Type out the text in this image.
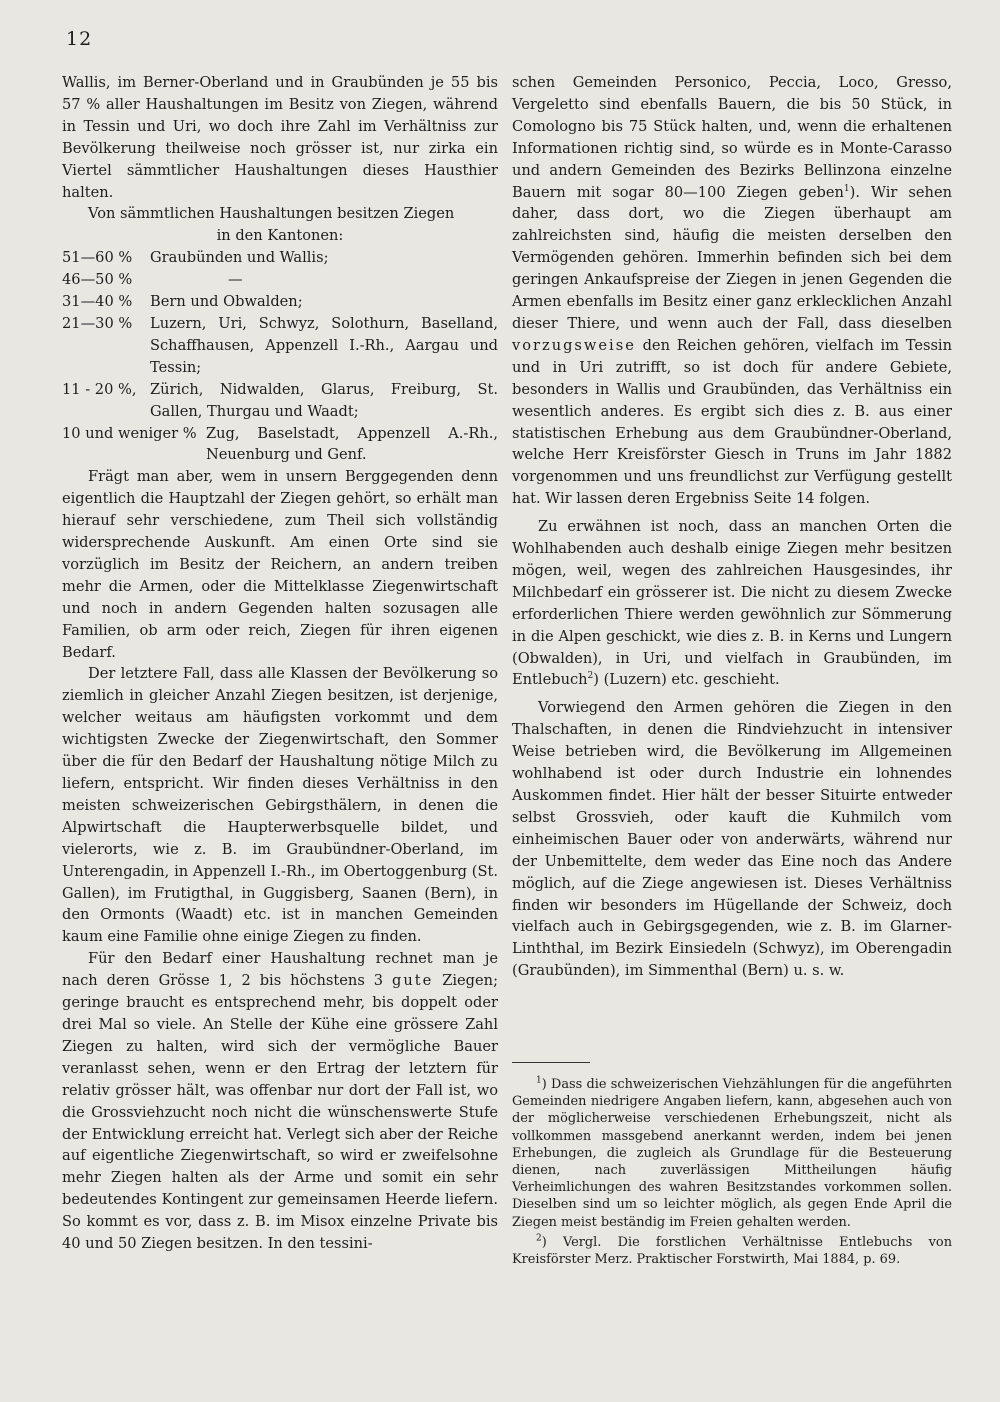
12

Wallis, im Berner-Oberland und in Graubünden je 55 bis 57 % aller Haushaltungen im Besitz von Ziegen, während in Tessin und Uri, wo doch ihre Zahl im Verhältniss zur Bevölkerung theilweise noch grösser ist, nur zirka ein Viertel sämmtlicher Haushaltungen dieses Hausthier halten.

Von sämmtlichen Haushaltungen besitzen Ziegen

in den Kantonen:

51—60 %	Graubünden und Wallis;
46—50 %	—
31—40 %	Bern und Obwalden;
21—30 %	Luzern, Uri, Schwyz, Solothurn, Baselland, Schaffhausen, Appenzell I.-Rh., Aargau und Tessin;
11 - 20 %, Zürich, Nidwalden, Glarus, Freiburg, St. Gallen, Thurgau und Waadt;
10 und weniger % Zug, Baselstadt, Appenzell A.-Rh., Neuenburg und Genf.

Frägt man aber, wem in unsern Berggegenden denn eigentlich die Hauptzahl der Ziegen gehört, so erhält man hierauf sehr verschiedene, zum Theil sich vollständig widersprechende Auskunft. Am einen Orte sind sie vorzüglich im Besitz der Reichern, an andern treiben mehr die Armen, oder die Mittelklasse Ziegenwirtschaft und noch in andern Gegenden halten sozusagen alle Familien, ob arm oder reich, Ziegen für ihren eigenen Bedarf.

Der letztere Fall, dass alle Klassen der Bevölkerung so ziemlich in gleicher Anzahl Ziegen besitzen, ist derjenige, welcher weitaus am häufigsten vorkommt und dem wichtigsten Zwecke der Ziegenwirtschaft, den Sommer über die für den Bedarf der Haushaltung nötige Milch zu liefern, entspricht. Wir finden dieses Verhältniss in den meisten schweizerischen Gebirgsthälern, in denen die Alpwirtschaft die Haupterwerbsquelle bildet, und vielerorts, wie z. B. im Graubündner-Oberland, im Unterengadin, in Appenzell I.-Rh., im Obertoggenburg (St. Gallen), im Frutigthal, in Guggisberg, Saanen (Bern), in den Ormonts (Waadt) etc. ist in manchen Gemeinden kaum eine Familie ohne einige Ziegen zu finden.

Für den Bedarf einer Haushaltung rechnet man je nach deren Grösse 1, 2 bis höchstens 3 gute Ziegen; geringe braucht es entsprechend mehr, bis doppelt oder drei Mal so viele. An Stelle der Kühe eine grössere Zahl Ziegen zu halten, wird sich der vermögliche Bauer veranlasst sehen, wenn er den Ertrag der letztern für relativ grösser hält, was offenbar nur dort der Fall ist, wo die Grossviehzucht noch nicht die wünschenswerte Stufe der Entwicklung erreicht hat. Verlegt sich aber der Reiche auf eigentliche Ziegenwirtschaft, so wird er zweifelsohne mehr Ziegen halten als der Arme und somit ein sehr bedeutendes Kontingent zur gemeinsamen Heerde liefern. So kommt es vor, dass z. B. im Misox einzelne Private bis 40 und 50 Ziegen besitzen. In den tessini-

schen Gemeinden Personico, Peccia, Loco, Gresso, Vergeletto sind ebenfalls Bauern, die bis 50 Stück, in Comologno bis 75 Stück halten, und, wenn die erhaltenen Informationen richtig sind, so würde es in Monte-Carasso und andern Gemeinden des Bezirks Bellinzona einzelne Bauern mit sogar 80—100 Ziegen geben$^1$). Wir sehen daher, dass dort, wo die Ziegen überhaupt am zahlreichsten sind, häufig die meisten derselben den Vermögenden gehören. Immerhin befinden sich bei dem geringen Ankaufspreise der Ziegen in jenen Gegenden die Armen ebenfalls im Besitz einer ganz erklecklichen Anzahl dieser Thiere, und wenn auch der Fall, dass dieselben vorzugsweise den Reichen gehören, vielfach im Tessin und in Uri zutrifft, so ist doch für andere Gebiete, besonders in Wallis und Graubünden, das Verhältniss ein wesentlich anderes. Es ergibt sich dies z. B. aus einer statistischen Erhebung aus dem Graubündner-Oberland, welche Herr Kreisförster Giesch in Truns im Jahr 1882 vorgenommen und uns freundlichst zur Verfügung gestellt hat. Wir lassen deren Ergebniss Seite 14 folgen.

Zu erwähnen ist noch, dass an manchen Orten die Wohlhabenden auch deshalb einige Ziegen mehr besitzen mögen, weil, wegen des zahlreichen Hausgesindes, ihr Milchbedarf ein grösserer ist. Die nicht zu diesem Zwecke erforderlichen Thiere werden gewöhnlich zur Sömmerung in die Alpen geschickt, wie dies z. B. in Kerns und Lungern (Obwalden), in Uri, und vielfach in Graubünden, im Entlebuch$^2$) (Luzern) etc. geschieht.

Vorwiegend den Armen gehören die Ziegen in den Thalschaften, in denen die Rindviehzucht in intensiver Weise betrieben wird, die Bevölkerung im Allgemeinen wohlhabend ist oder durch Industrie ein lohnendes Auskommen findet. Hier hält der besser Situirte entweder selbst Grossvieh, oder kauft die Kuhmilch vom einheimischen Bauer oder von anderwärts, während nur der Unbemittelte, dem weder das Eine noch das Andere möglich, auf die Ziege angewiesen ist. Dieses Verhältniss finden wir besonders im Hügellande der Schweiz, doch vielfach auch in Gebirgsgegenden, wie z. B. im Glarner-Linththal, im Bezirk Einsiedeln (Schwyz), im Oberengadin (Graubünden), im Simmenthal (Bern) u. s. w.

$^1$) Dass die schweizerischen Viehzählungen für die angeführten Gemeinden niedrigere Angaben liefern, kann, abgesehen auch von der möglicherweise verschiedenen Erhebungszeit, nicht als vollkommen massgebend anerkannt werden, indem bei jenen Erhebungen, die zugleich als Grundlage für die Besteuerung dienen, nach zuverlässigen Mittheilungen häufig Verheimlichungen des wahren Besitzstandes vorkommen sollen. Dieselben sind um so leichter möglich, als gegen Ende April die Ziegen meist beständig im Freien gehalten werden.

$^2$) Vergl. Die forstlichen Verhältnisse Entlebuchs von Kreisförster Merz. Praktischer Forstwirth, Mai 1884, p. 69.
